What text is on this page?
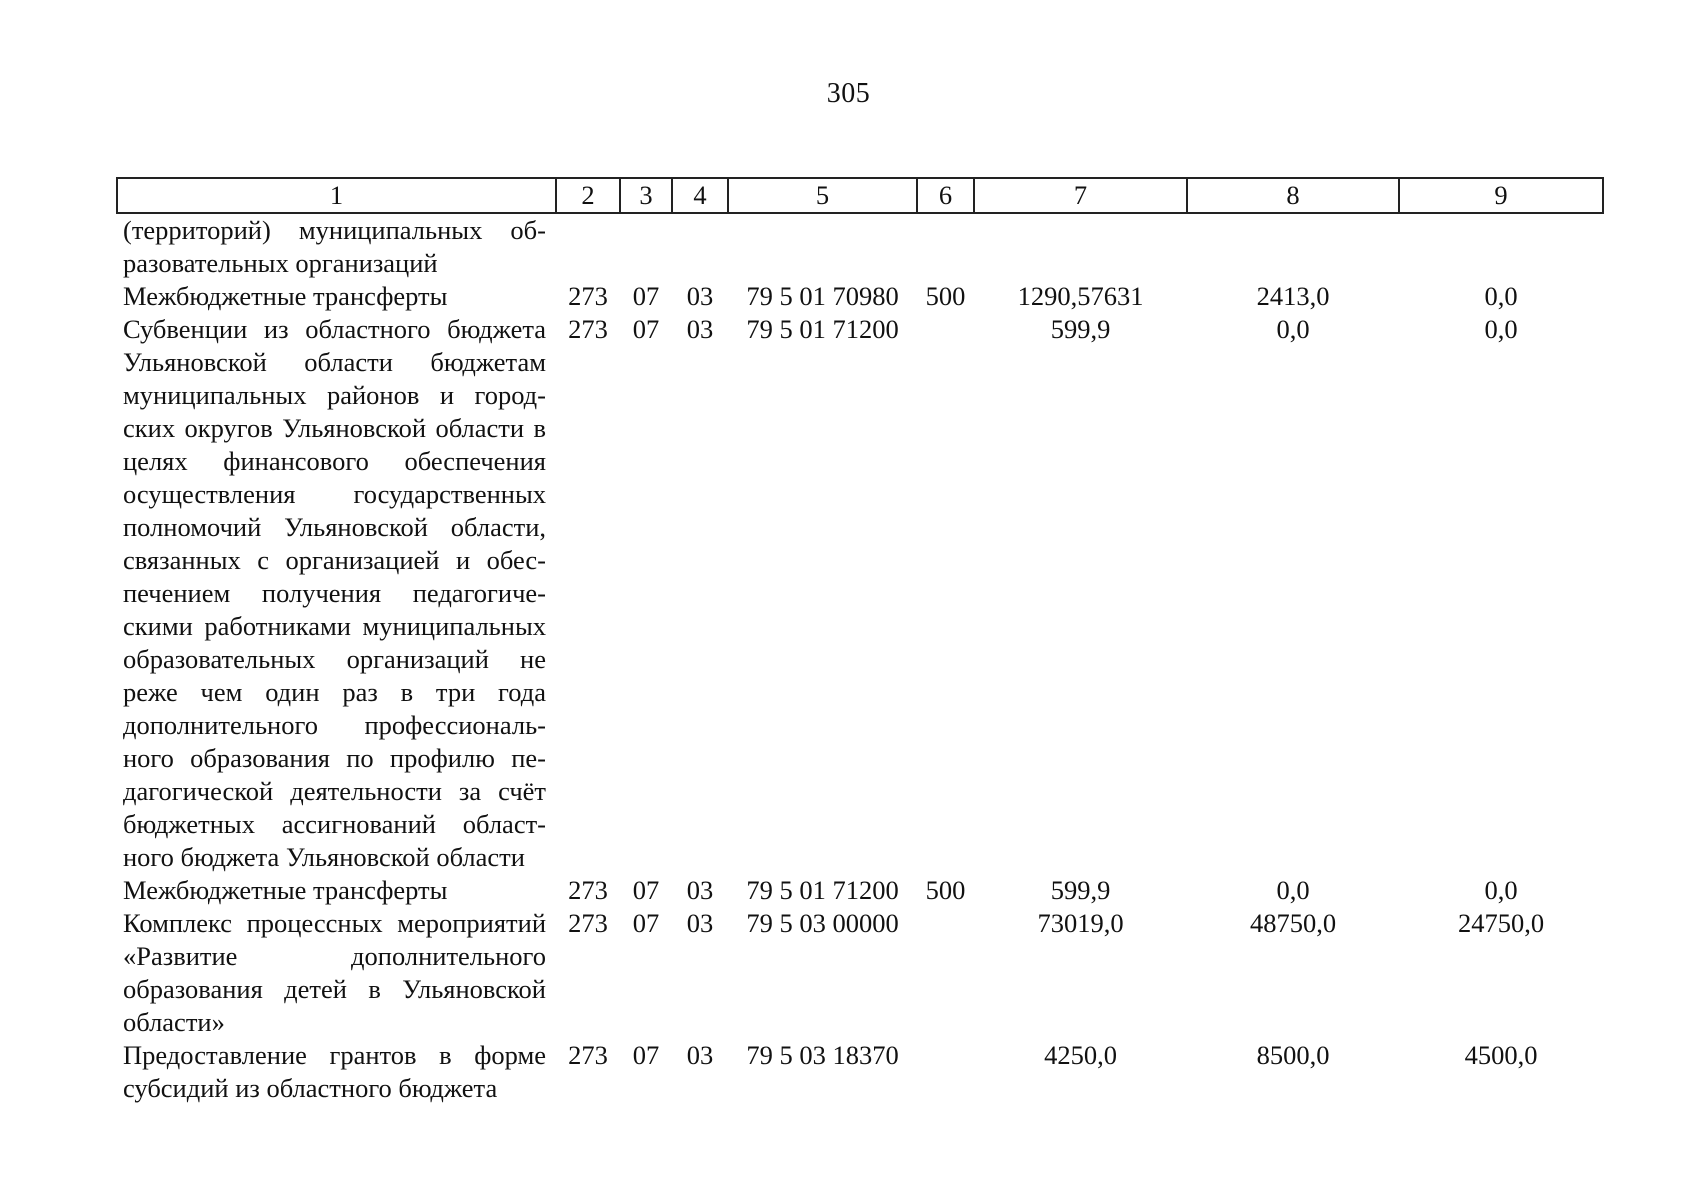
305
1	2	3	4	5	6	7	8	9
(территорий) муниципальных образовательных организаций								
Межбюджетные трансферты	273	07	03	79 5 01 70980	500	1290,57631	2413,0	0,0
Субвенции из областного бюджета Ульяновской области бюджетам муниципальных районов и городских округов Ульяновской области в целях финансового обеспечения осуществления государственных полномочий Ульяновской области, связанных с организацией и обеспечением получения педагогическими работниками муниципальных образовательных организаций не реже чем один раз в три года дополнительного профессионального образования по профилю педагогической деятельности за счёт бюджетных ассигнований областного бюджета Ульяновской области	273	07	03	79 5 01 71200		599,9	0,0	0,0
Межбюджетные трансферты	273	07	03	79 5 01 71200	500	599,9	0,0	0,0
Комплекс процессных мероприятий «Развитие дополнительного образования детей в Ульяновской области»	273	07	03	79 5 03 00000		73019,0	48750,0	24750,0
Предоставление грантов в форме субсидий из областного бюджета	273	07	03	79 5 03 18370		4250,0	8500,0	4500,0
